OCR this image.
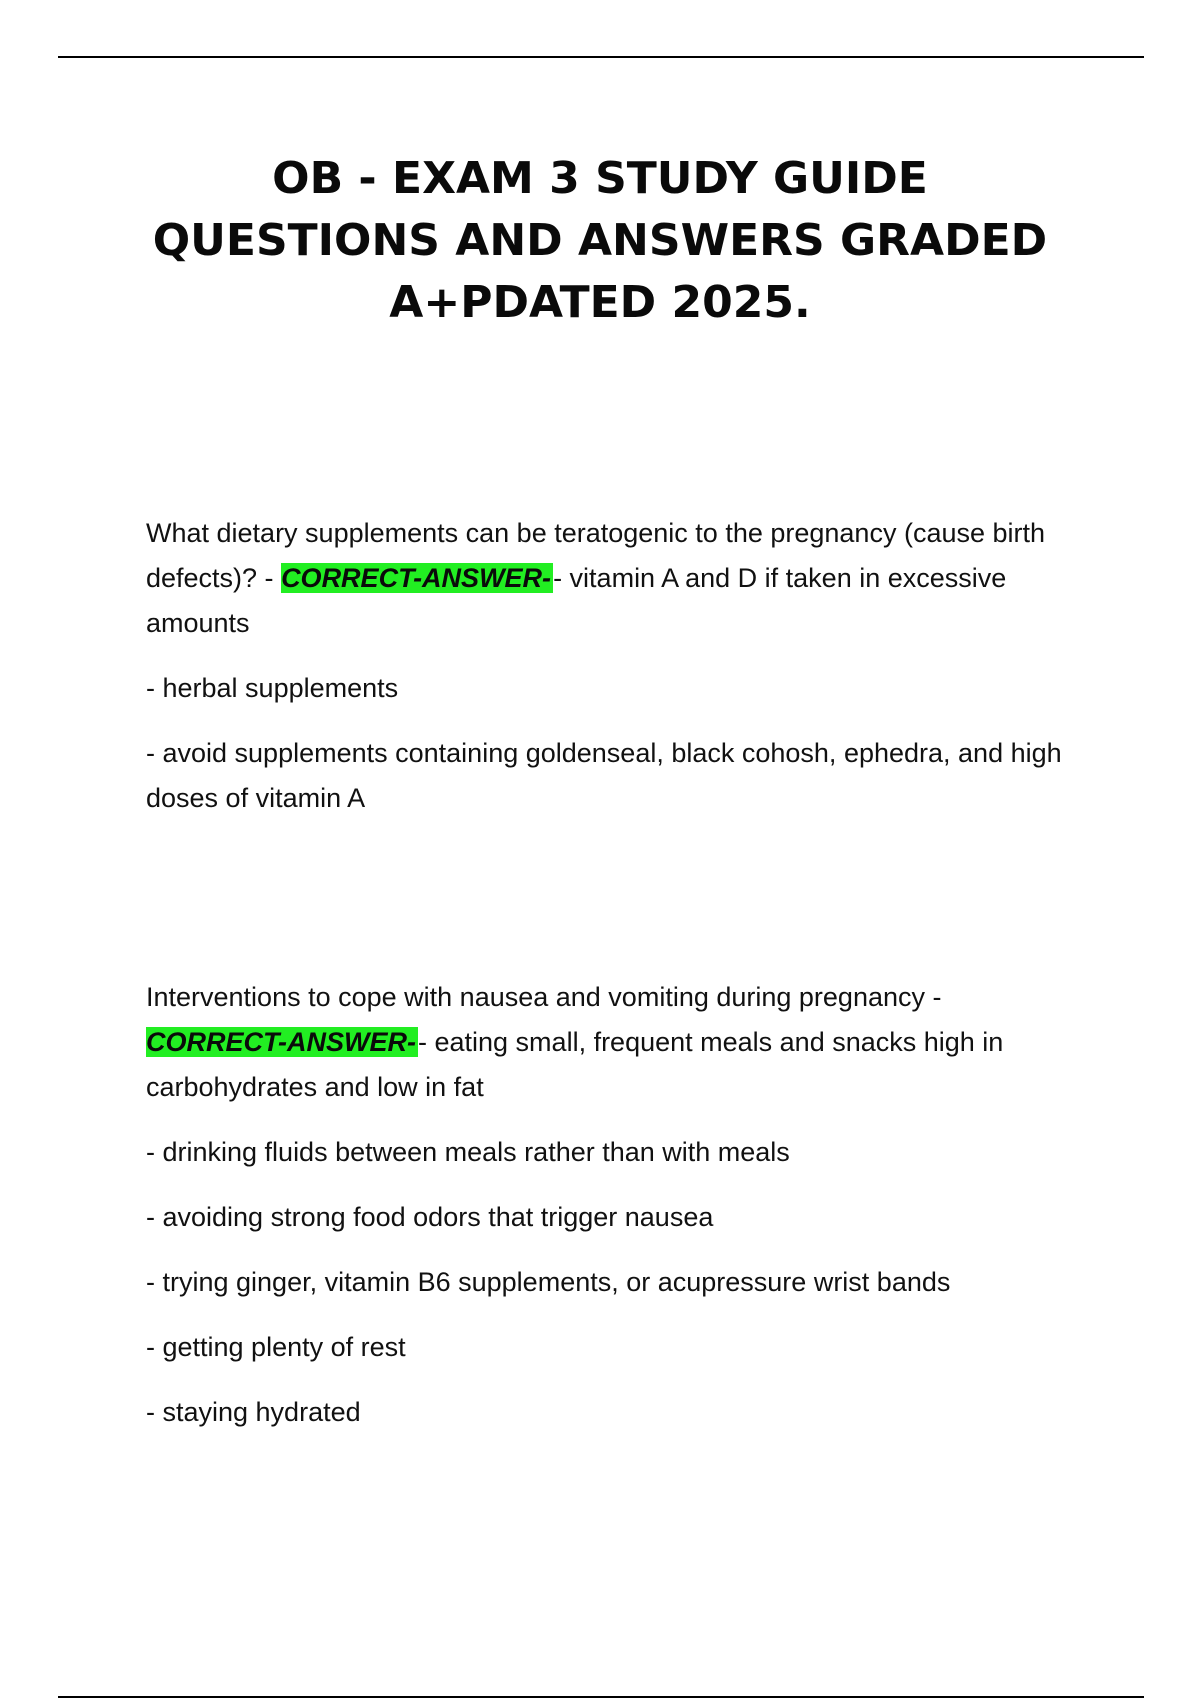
OB - EXAM 3 STUDY GUIDE
QUESTIONS AND ANSWERS GRADED
A+PDATED 2025.

What dietary supplements can be teratogenic to the pregnancy (cause birth defects)? - CORRECT-ANSWER-- vitamin A and D if taken in excessive amounts

- herbal supplements

- avoid supplements containing goldenseal, black cohosh, ephedra, and high doses of vitamin A

Interventions to cope with nausea and vomiting during pregnancy - CORRECT-ANSWER-- eating small, frequent meals and snacks high in carbohydrates and low in fat

- drinking fluids between meals rather than with meals

- avoiding strong food odors that trigger nausea

- trying ginger, vitamin B6 supplements, or acupressure wrist bands

- getting plenty of rest

- staying hydrated
